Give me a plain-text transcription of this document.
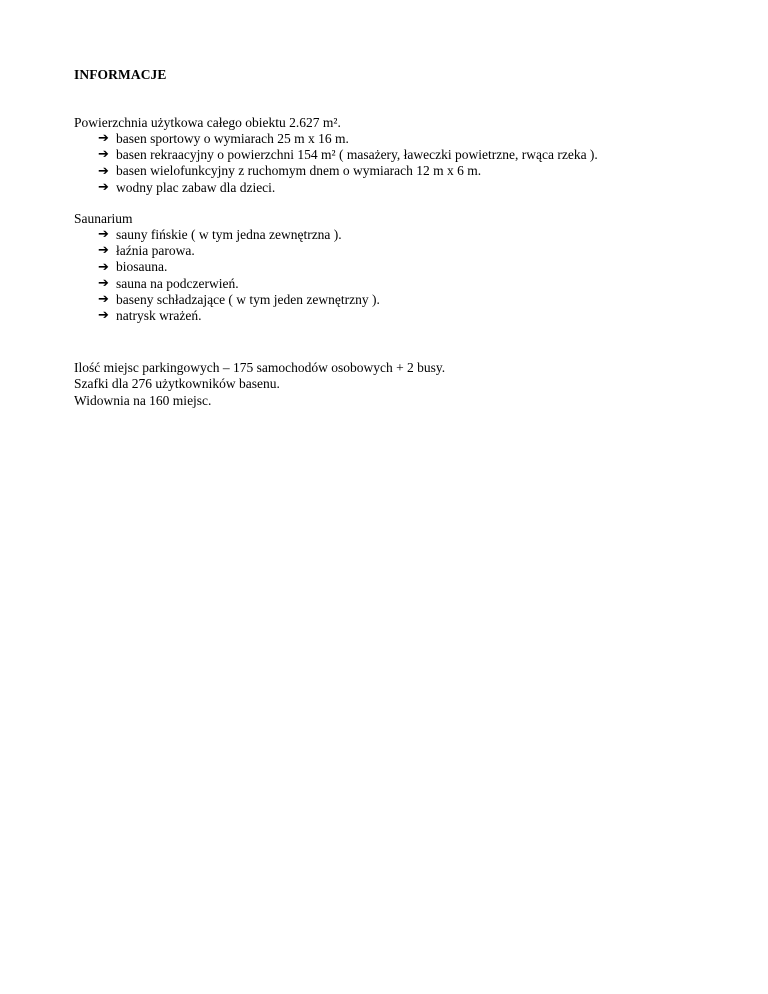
INFORMACJE
Powierzchnia użytkowa całego obiektu 2.627 m².
➔ basen sportowy o wymiarach 25 m x 16 m.
➔ basen rekraacyjny o powierzchni 154 m² ( masażery, ławeczki powietrzne, rwąca rzeka ).
➔ basen wielofunkcyjny z ruchomym dnem o wymiarach 12 m x 6 m.
➔ wodny plac zabaw dla dzieci.
Saunarium
➔ sauny fińskie ( w tym jedna zewnętrzna ).
➔ łaźnia parowa.
➔ biosauna.
➔ sauna na podczerwień.
➔ baseny schładzające ( w tym jeden zewnętrzny ).
➔ natrysk wrażeń.
Ilość miejsc parkingowych – 175 samochodów osobowych + 2 busy.
Szafki dla 276 użytkowników basenu.
Widownia na 160 miejsc.
